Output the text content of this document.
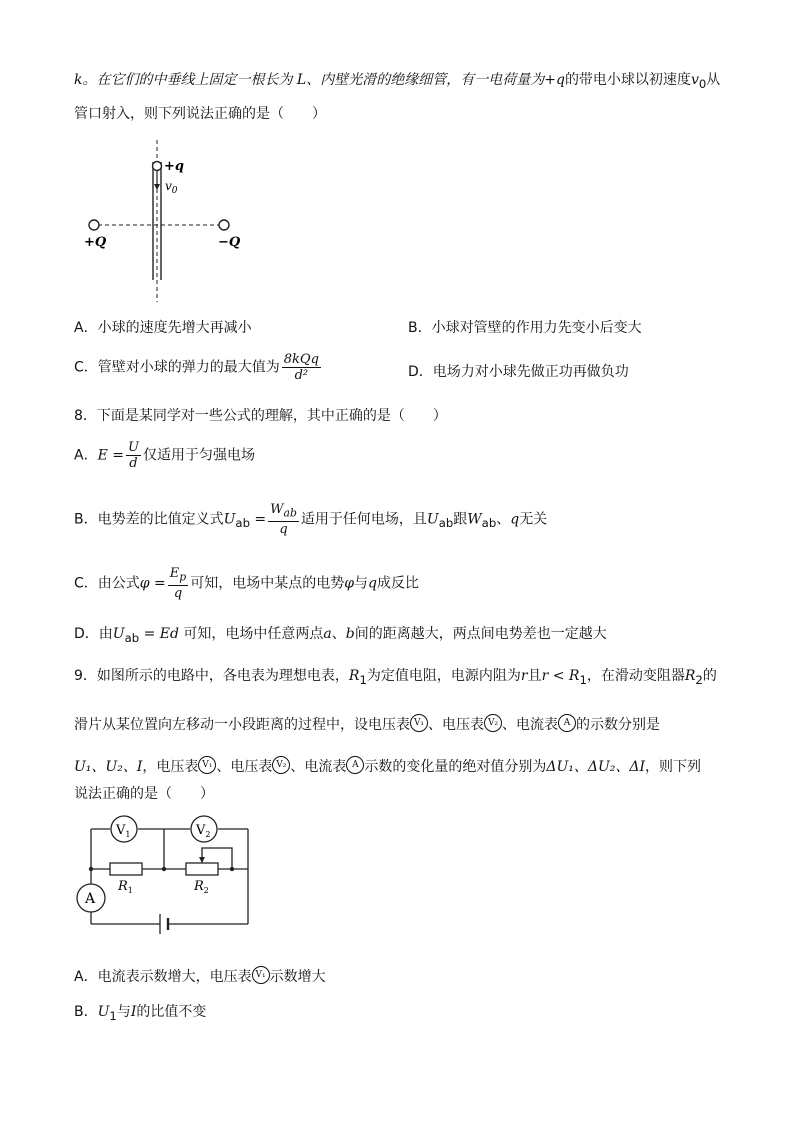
k。在它们的中垂线上固定一根长为 L、内壁光滑的绝缘细管，有一电荷量为+q的带电小球以初速度$v_0$从
管口射入，则下列说法正确的是（　　）
+q
$v_0$
+Q	−Q
A．小球的速度先增大再减小	B．小球对管壁的作用力先变小后变大
C．管壁对小球的弹力的最大值为 $\frac{\text{8kQq}}{\text{d²}}$	D．电场力对小球先做正功再做负功
8．下面是某同学对一些公式的理解，其中正确的是（　　）
A．$E = \frac{U}{d}$ 仅适用于匀强电场
B．电势差的比值定义式$U_{ab} = \frac{W_{ab}}{q}$ 适用于任何电场，且$U_{ab}$跟$W_{ab}$、q无关
C．由公式$\varphi = \frac{E_p}{q}$ 可知，电场中某点的电势φ与q成反比
D．由$U_{ab} = Ed$ 可知，电场中任意两点a、b间的距离越大，两点间电势差也一定越大
9．如图所示的电路中，各电表为理想电表，$R_1$为定值电阻，电源内阻为r且$r < R_1$，在滑动变阻器$R_2$的
滑片从某位置向左移动一小段距离的过程中，设电压表 V₁ 、电压表 V₂ 、电流表 A 的示数分别是
U₁、U₂、I，电压表 V₁ 、电压表 V₂ 、电流表 A 示数的变化量的绝对值分别为ΔU₁、ΔU₂、ΔI，则下列
说法正确的是（　　）
$V_1$	$V_2$
A
$R_1$	$R_2$
A．电流表示数增大，电压表 V₁ 示数增大
B．$U_1$与I的比值不变
